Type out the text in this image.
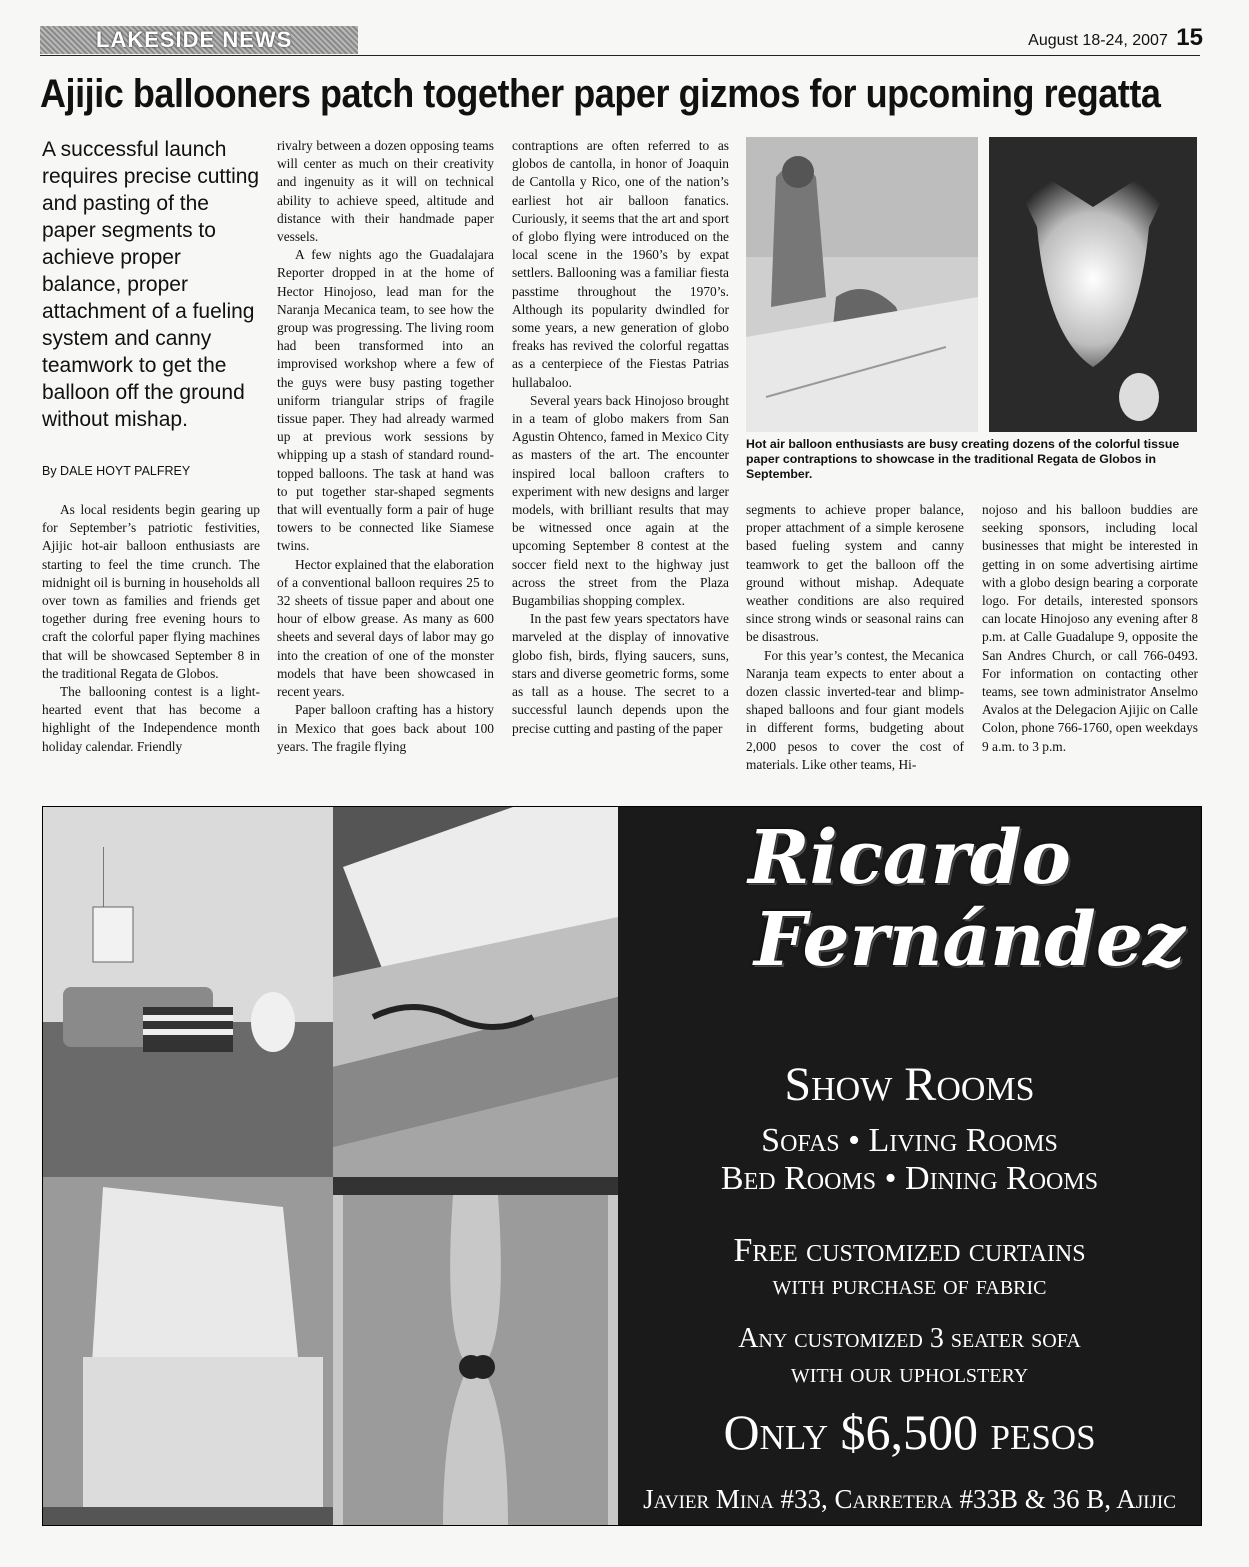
LAKESIDE NEWS	August 18-24, 2007 15
Ajijic ballooners patch together paper gizmos for upcoming regatta
A successful launch requires precise cutting and pasting of the paper segments to achieve proper balance, proper attachment of a fueling system and canny teamwork to get the balloon off the ground without mishap.
By DALE HOYT PALFREY

As local residents begin gearing up for September’s patriotic festivities, Ajijic hot-air balloon enthusiasts are starting to feel the time crunch. The midnight oil is burning in households all over town as families and friends get together during free evening hours to craft the colorful paper flying machines that will be showcased September 8 in the traditional Regata de Globos.

The ballooning contest is a light-hearted event that has become a highlight of the Independence month holiday calendar. Friendly

rivalry between a dozen opposing teams will center as much on their creativity and ingenuity as it will on technical ability to achieve speed, altitude and distance with their handmade paper vessels.

A few nights ago the Guadalajara Reporter dropped in at the home of Hector Hinojoso, lead man for the Naranja Mecanica team, to see how the group was progressing. The living room had been transformed into an improvised workshop where a few of the guys were busy pasting together uniform triangular strips of fragile tissue paper. They had already warmed up at previous work sessions by whipping up a stash of standard round-topped balloons. The task at hand was to put together star-shaped segments that will eventually form a pair of huge towers to be connected like Siamese twins.

Hector explained that the elaboration of a conventional balloon requires 25 to 32 sheets of tissue paper and about one hour of elbow grease. As many as 600 sheets and several days of labor may go into the creation of one of the monster models that have been showcased in recent years.

Paper balloon crafting has a history in Mexico that goes back about 100 years. The fragile flying

contraptions are often referred to as globos de cantolla, in honor of Joaquin de Cantolla y Rico, one of the nation’s earliest hot air balloon fanatics. Curiously, it seems that the art and sport of globo flying were introduced on the local scene in the 1960’s by expat settlers. Ballooning was a familiar fiesta passtime throughout the 1970’s. Although its popularity dwindled for some years, a new generation of globo freaks has revived the colorful regattas as a centerpiece of the Fiestas Patrias hullabaloo.

Several years back Hinojoso brought in a team of globo makers from San Agustin Ohtenco, famed in Mexico City as masters of the art. The encounter inspired local balloon crafters to experiment with new designs and larger models, with brilliant results that may be witnessed once again at the upcoming September 8 contest at the soccer field next to the highway just across the street from the Plaza Bugambilias shopping complex.

In the past few years spectators have marveled at the display of innovative globo fish, birds, flying saucers, suns, stars and diverse geometric forms, some as tall as a house. The secret to a successful launch depends upon the precise cutting and pasting of the paper

Hot air balloon enthusiasts are busy creating dozens of the colorful tissue paper contraptions to showcase in the traditional Regata de Globos in September.

segments to achieve proper balance, proper attachment of a simple kerosene based fueling system and canny teamwork to get the balloon off the ground without mishap. Adequate weather conditions are also required since strong winds or seasonal rains can be disastrous.

For this year’s contest, the Mecanica Naranja team expects to enter about a dozen classic inverted-tear and blimp-shaped balloons and four giant models in different forms, budgeting about 2,000 pesos to cover the cost of materials. Like other teams, Hi-

nojoso and his balloon buddies are seeking sponsors, including local businesses that might be interested in getting in on some advertising airtime with a globo design bearing a corporate logo. For details, interested sponsors can locate Hinojoso any evening after 8 p.m. at Calle Guadalupe 9, opposite the San Andres Church, or call 766-0493. For information on contacting other teams, see town administrator Anselmo Avalos at the Delegacion Ajijic on Calle Colon, phone 766-1760, open weekdays 9 a.m. to 3 p.m.

Ricardo
Fernández
Show Rooms
Sofas • Living Rooms
Bed Rooms • Dining Rooms
Free customized curtains
with purchase of fabric
Any customized 3 seater sofa
with our upholstery
Only $6,500 pesos
Javier Mina #33, Carretera #33B & 36 B, Ajijic
